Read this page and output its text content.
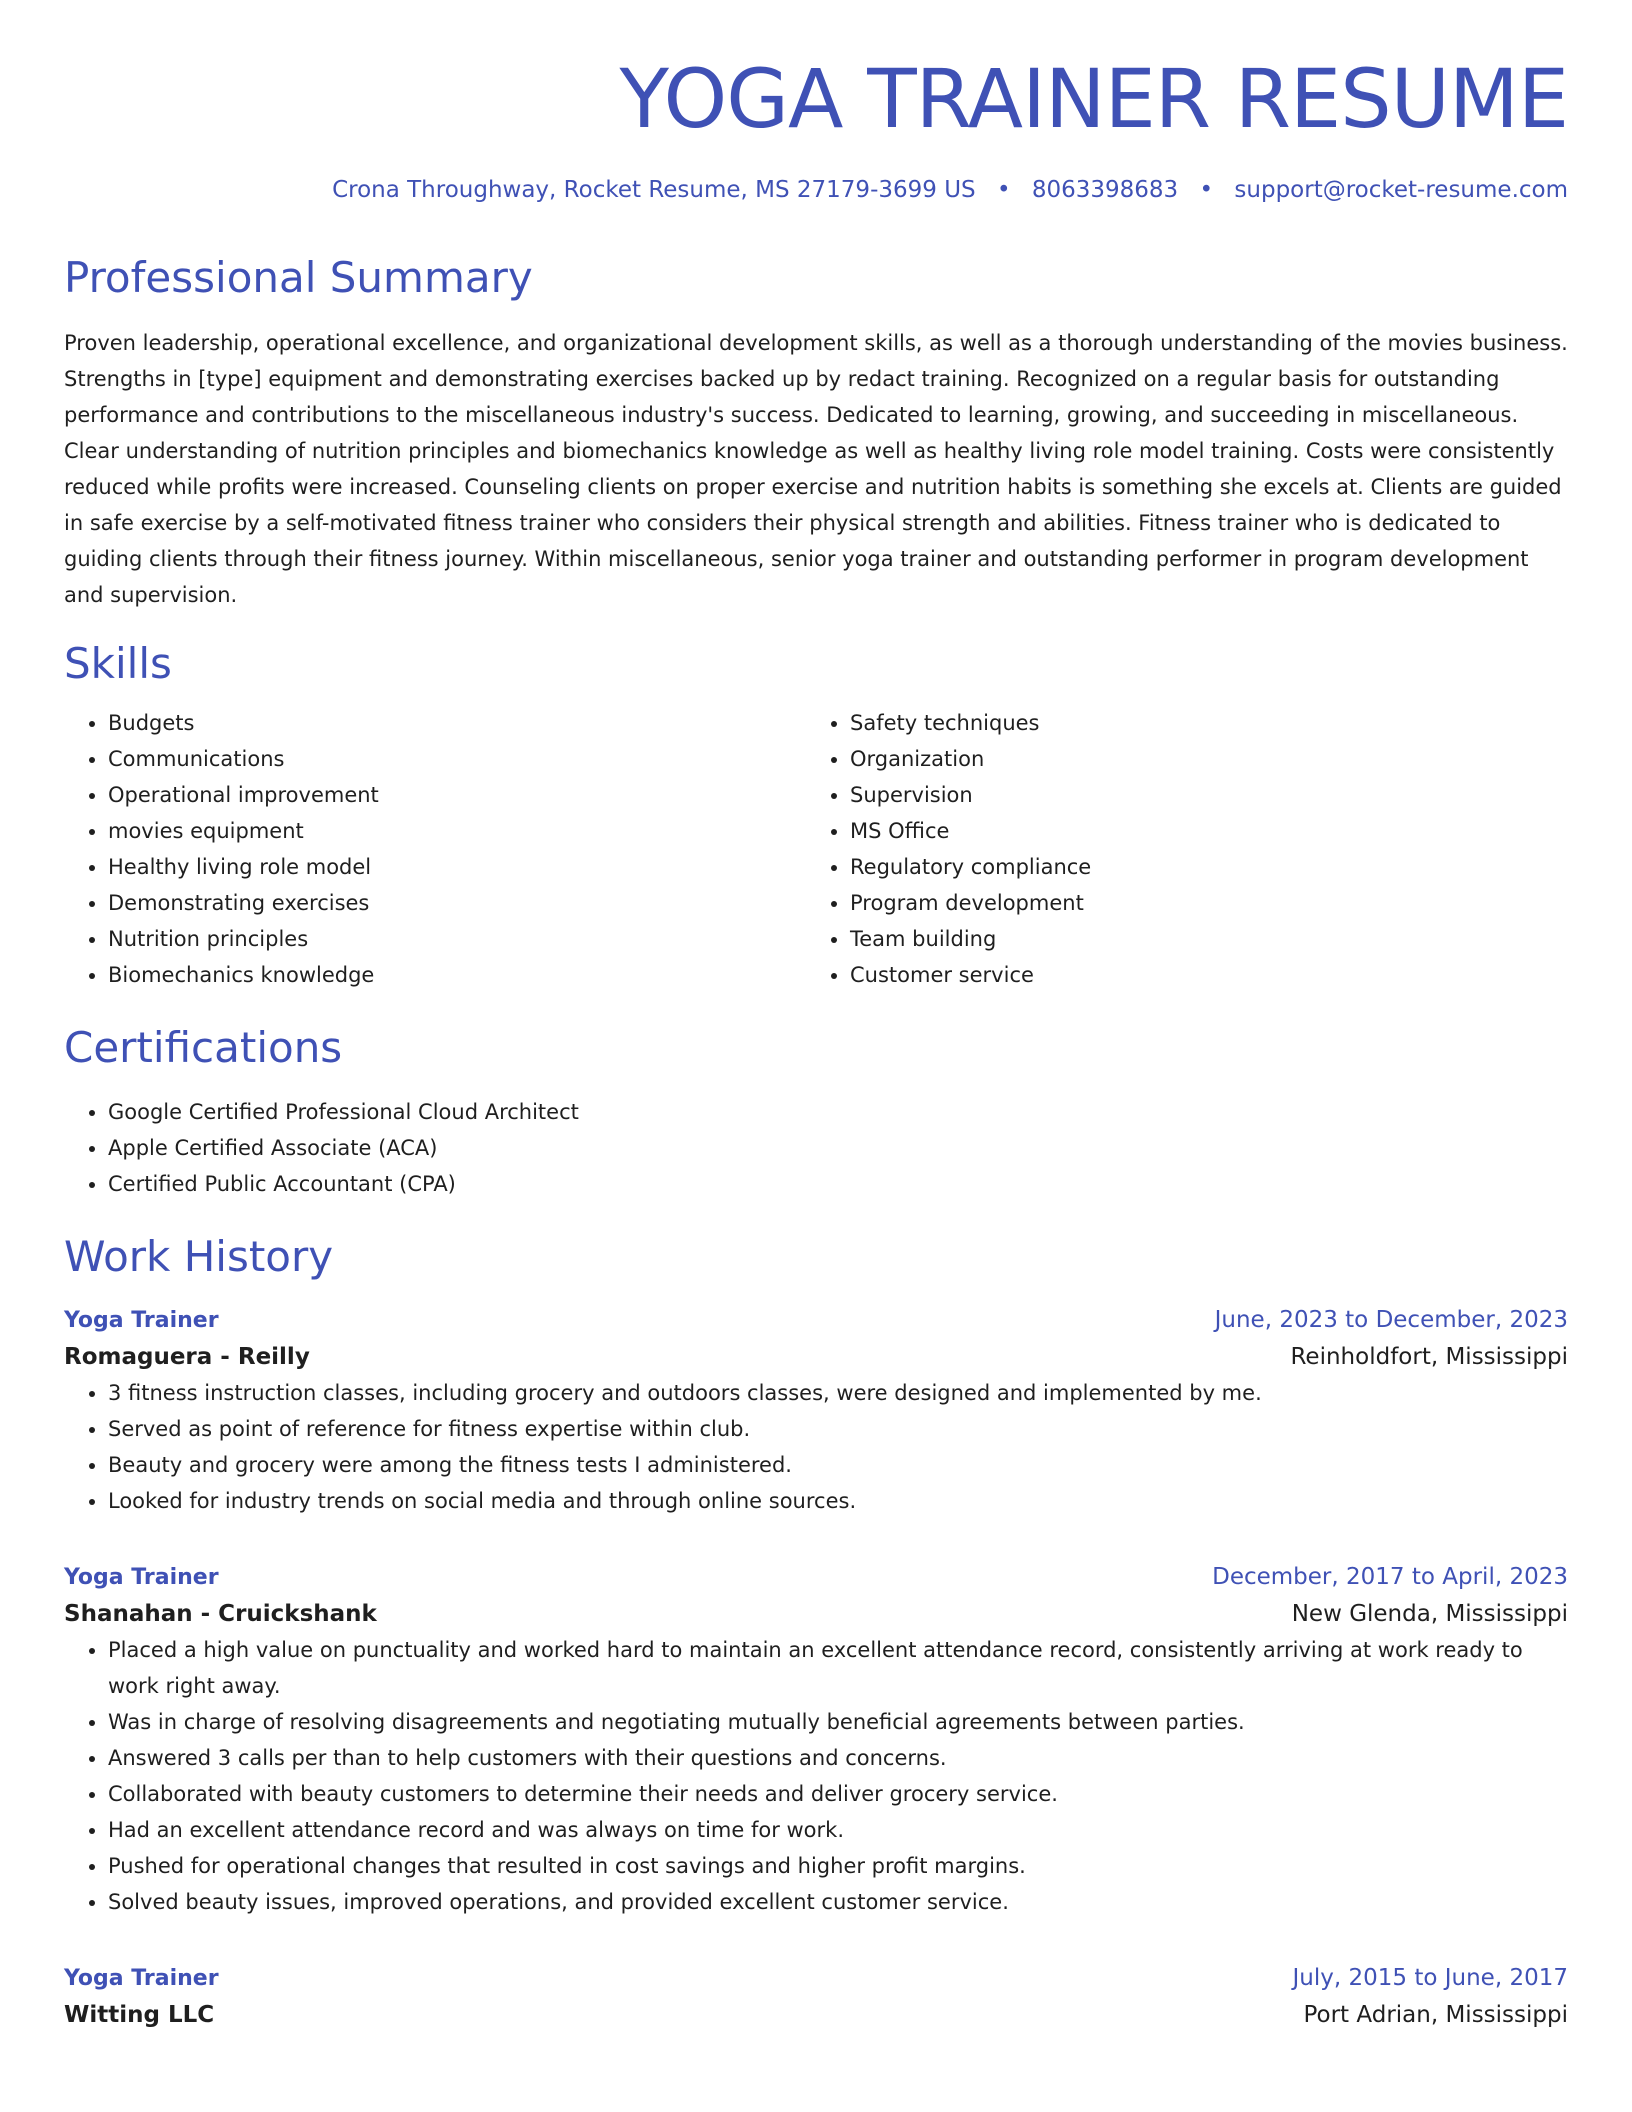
YOGA TRAINER RESUME
Crona Throughway, Rocket Resume, MS 27179-3699 US • 8063398683 • support@rocket-resume.com
Professional Summary
Proven leadership, operational excellence, and organizational development skills, as well as a thorough understanding of the movies business. Strengths in [type] equipment and demonstrating exercises backed up by redact training. Recognized on a regular basis for outstanding performance and contributions to the miscellaneous industry's success. Dedicated to learning, growing, and succeeding in miscellaneous. Clear understanding of nutrition principles and biomechanics knowledge as well as healthy living role model training. Costs were consistently reduced while profits were increased. Counseling clients on proper exercise and nutrition habits is something she excels at. Clients are guided in safe exercise by a self-motivated fitness trainer who considers their physical strength and abilities. Fitness trainer who is dedicated to guiding clients through their fitness journey. Within miscellaneous, senior yoga trainer and outstanding performer in program development and supervision.
Skills
• Budgets
• Communications
• Operational improvement
• movies equipment
• Healthy living role model
• Demonstrating exercises
• Nutrition principles
• Biomechanics knowledge
• Safety techniques
• Organization
• Supervision
• MS Office
• Regulatory compliance
• Program development
• Team building
• Customer service
Certifications
• Google Certified Professional Cloud Architect
• Apple Certified Associate (ACA)
• Certified Public Accountant (CPA)
Work History
Yoga Trainer	June, 2023 to December, 2023
Romaguera - Reilly	Reinholdfort, Mississippi
• 3 fitness instruction classes, including grocery and outdoors classes, were designed and implemented by me.
• Served as point of reference for fitness expertise within club.
• Beauty and grocery were among the fitness tests I administered.
• Looked for industry trends on social media and through online sources.
Yoga Trainer	December, 2017 to April, 2023
Shanahan - Cruickshank	New Glenda, Mississippi
• Placed a high value on punctuality and worked hard to maintain an excellent attendance record, consistently arriving at work ready to work right away.
• Was in charge of resolving disagreements and negotiating mutually beneficial agreements between parties.
• Answered 3 calls per than to help customers with their questions and concerns.
• Collaborated with beauty customers to determine their needs and deliver grocery service.
• Had an excellent attendance record and was always on time for work.
• Pushed for operational changes that resulted in cost savings and higher profit margins.
• Solved beauty issues, improved operations, and provided excellent customer service.
Yoga Trainer	July, 2015 to June, 2017
Witting LLC	Port Adrian, Mississippi
